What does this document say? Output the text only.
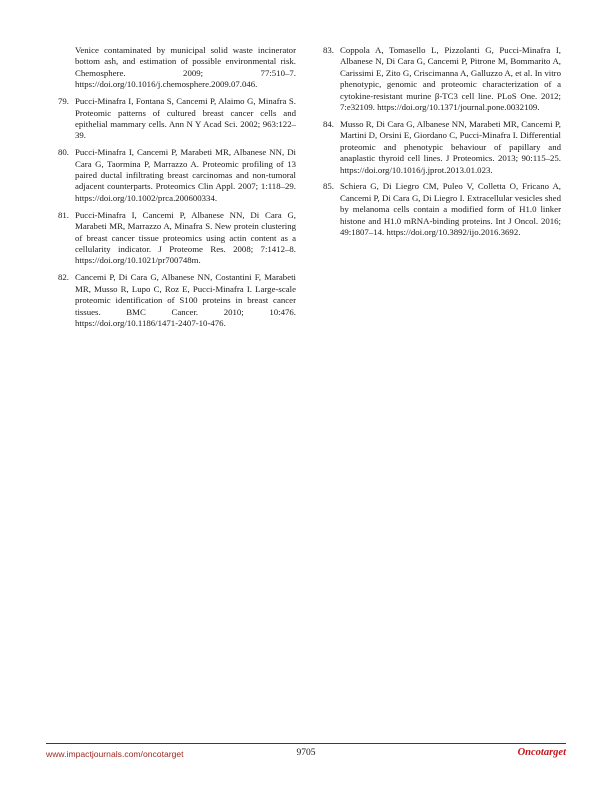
Venice contaminated by municipal solid waste incinerator bottom ash, and estimation of possible environmental risk. Chemosphere. 2009; 77:510–7. https://doi.org/10.1016/j.chemosphere.2009.07.046.
79. Pucci-Minafra I, Fontana S, Cancemi P, Alaimo G, Minafra S. Proteomic patterns of cultured breast cancer cells and epithelial mammary cells. Ann N Y Acad Sci. 2002; 963:122–39.
80. Pucci-Minafra I, Cancemi P, Marabeti MR, Albanese NN, Di Cara G, Taormina P, Marrazzo A. Proteomic profiling of 13 paired ductal infiltrating breast carcinomas and non-tumoral adjacent counterparts. Proteomics Clin Appl. 2007; 1:118–29. https://doi.org/10.1002/prca.200600334.
81. Pucci-Minafra I, Cancemi P, Albanese NN, Di Cara G, Marabeti MR, Marrazzo A, Minafra S. New protein clustering of breast cancer tissue proteomics using actin content as a cellularity indicator. J Proteome Res. 2008; 7:1412–8. https://doi.org/10.1021/pr700748m.
82. Cancemi P, Di Cara G, Albanese NN, Costantini F, Marabeti MR, Musso R, Lupo C, Roz E, Pucci-Minafra I. Large-scale proteomic identification of S100 proteins in breast cancer tissues. BMC Cancer. 2010; 10:476. https://doi.org/10.1186/1471-2407-10-476.
83. Coppola A, Tomasello L, Pizzolanti G, Pucci-Minafra I, Albanese N, Di Cara G, Cancemi P, Pitrone M, Bommarito A, Carissimi E, Zito G, Criscimanna A, Galluzzo A, et al. In vitro phenotypic, genomic and proteomic characterization of a cytokine-resistant murine β-TC3 cell line. PLoS One. 2012; 7:e32109. https://doi.org/10.1371/journal.pone.0032109.
84. Musso R, Di Cara G, Albanese NN, Marabeti MR, Cancemi P, Martini D, Orsini E, Giordano C, Pucci-Minafra I. Differential proteomic and phenotypic behaviour of papillary and anaplastic thyroid cell lines. J Proteomics. 2013; 90:115–25. https://doi.org/10.1016/j.jprot.2013.01.023.
85. Schiera G, Di Liegro CM, Puleo V, Colletta O, Fricano A, Cancemi P, Di Cara G, Di Liegro I. Extracellular vesicles shed by melanoma cells contain a modified form of H1.0 linker histone and H1.0 mRNA-binding proteins. Int J Oncol. 2016; 49:1807–14. https://doi.org/10.3892/ijo.2016.3692.
www.impactjournals.com/oncotarget	9705	Oncotarget
